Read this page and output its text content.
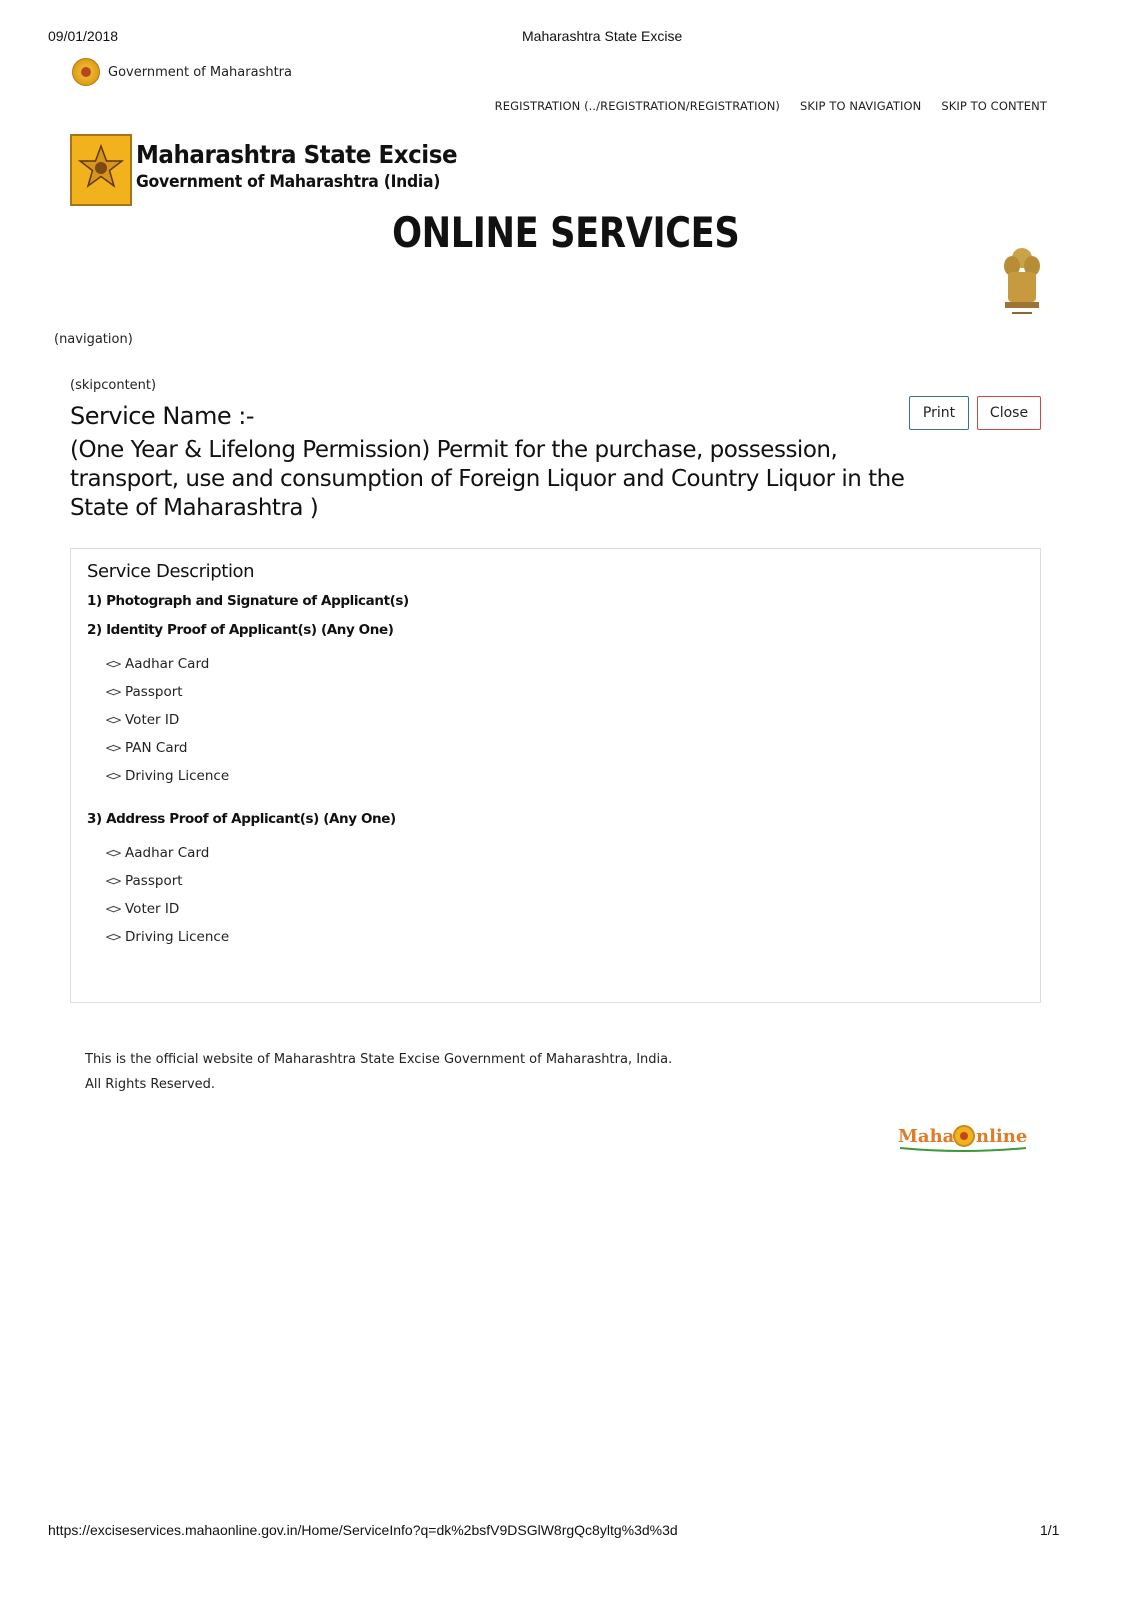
09/01/2018	Maharashtra State Excise
Government of Maharashtra
REGISTRATION (../REGISTRATION/REGISTRATION) SKIP TO NAVIGATION SKIP TO CONTENT
Maharashtra State Excise
Government of Maharashtra (India)
ONLINE SERVICES
(navigation)
(skipcontent)
Service Name :-
(One Year & Lifelong Permission) Permit for the purchase, possession, transport, use and consumption of Foreign Liquor and Country Liquor in the State of Maharashtra )
Print	Close
Service Description
1) Photograph and Signature of Applicant(s)
2) Identity Proof of Applicant(s) (Any One)
<> Aadhar Card
<> Passport
<> Voter ID
<> PAN Card
<> Driving Licence
3) Address Proof of Applicant(s) (Any One)
<> Aadhar Card
<> Passport
<> Voter ID
<> Driving Licence
This is the official website of Maharashtra State Excise Government of Maharashtra, India.
All Rights Reserved.
Maha nline
https://exciseservices.mahaonline.gov.in/Home/ServiceInfo?q=dk%2bsfV9DSGlW8rgQc8yltg%3d%3d	1/1
